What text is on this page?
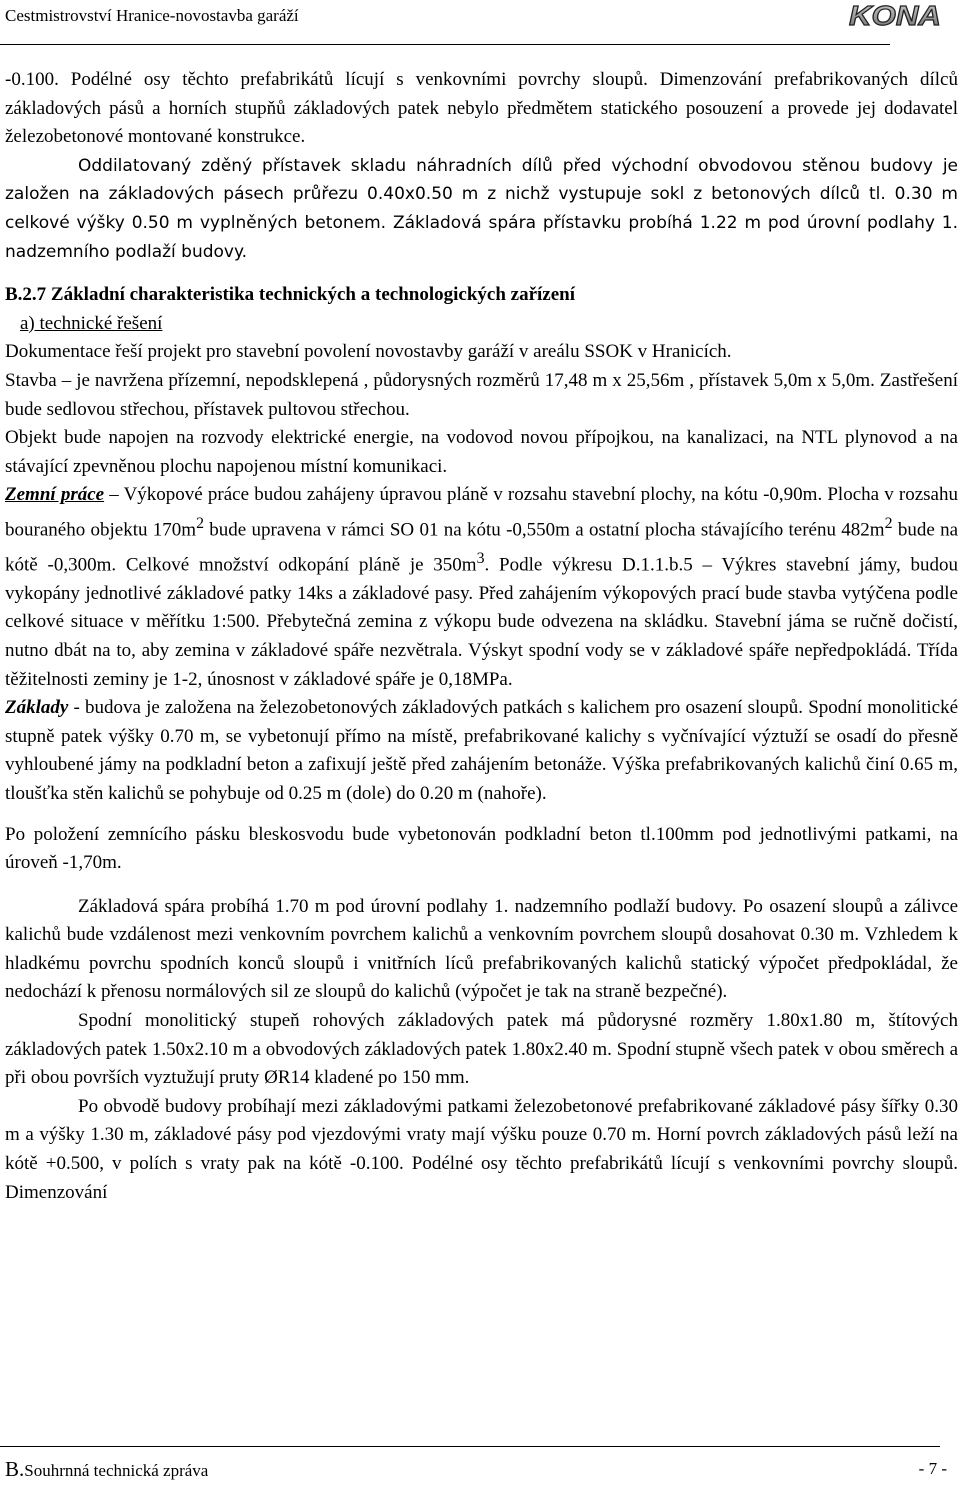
Cestmistrovství Hranice-novostavba garáží	KONA

-0.100. Podélné osy těchto prefabrikátů lícují s venkovními povrchy sloupů. Dimenzování prefabrikovaných dílců základových pásů a horních stupňů základových patek nebylo předmětem statického posouzení a provede jej dodavatel železobetonové montované konstrukce.

Oddilatovaný zděný přístavek skladu náhradních dílů před východní obvodovou stěnou budovy je založen na základových pásech průřezu 0.40x0.50 m z nichž vystupuje sokl z betonových dílců tl. 0.30 m celkové výšky 0.50 m vyplněných betonem. Základová spára přístavku probíhá 1.22 m pod úrovní podlahy 1. nadzemního podlaží budovy.

B.2.7 Základní charakteristika technických a technologických zařízení

a) technické řešení

Dokumentace řeší projekt pro stavební povolení novostavby garáží v areálu SSOK v Hranicích.

Stavba – je navržena přízemní, nepodsklepená , půdorysných rozměrů 17,48 m x 25,56m , přístavek 5,0m x 5,0m. Zastřešení bude sedlovou střechou, přístavek pultovou střechou.

Objekt bude napojen na rozvody elektrické energie, na vodovod novou přípojkou, na kanalizaci, na NTL plynovod a na stávající zpevněnou plochu napojenou místní komunikaci.

Zemní práce – Výkopové práce budou zahájeny úpravou pláně v rozsahu stavební plochy, na kótu -0,90m. Plocha v rozsahu bouraného objektu $170m^2$ bude upravena v rámci SO 01 na kótu -0,550m a ostatní plocha stávajícího terénu $482m^2$ bude na kótě -0,300m. Celkové množství odkopání pláně je $350m^3$. Podle výkresu D.1.1.b.5 – Výkres stavební jámy, budou vykopány jednotlivé základové patky 14ks a základové pasy. Před zahájením výkopových prací bude stavba vytýčena podle celkové situace v měřítku 1:500. Přebytečná zemina z výkopu bude odvezena na skládku. Stavební jáma se ručně dočistí, nutno dbát na to, aby zemina v základové spáře nezvětrala. Výskyt spodní vody se v základové spáře nepředpokládá. Třída těžitelnosti zeminy je 1-2, únosnost v základové spáře je 0,18MPa.

Základy - budova je založena na železobetonových základových patkách s kalichem pro osazení sloupů. Spodní monolitické stupně patek výšky 0.70 m, se vybetonují přímo na místě, prefabrikované kalichy s vyčnívající výztuží se osadí do přesně vyhloubené jámy na podkladní beton a zafixují ještě před zahájením betonáže. Výška prefabrikovaných kalichů činí 0.65 m, tloušťka stěn kalichů se pohybuje od 0.25 m (dole) do 0.20 m (nahoře).

Po položení zemnícího pásku bleskosvodu bude vybetonován podkladní beton tl.100mm pod jednotlivými patkami, na úroveň -1,70m.

Základová spára probíhá 1.70 m pod úrovní podlahy 1. nadzemního podlaží budovy. Po osazení sloupů a zálivce kalichů bude vzdálenost mezi venkovním povrchem kalichů a venkovním povrchem sloupů dosahovat 0.30 m. Vzhledem k hladkému povrchu spodních konců sloupů i vnitřních líců prefabrikovaných kalichů statický výpočet předpokládal, že nedochází k přenosu normálových sil ze sloupů do kalichů (výpočet je tak na straně bezpečné).

Spodní monolitický stupeň rohových základových patek má půdorysné rozměry 1.80x1.80 m, štítových základových patek 1.50x2.10 m a obvodových základových patek 1.80x2.40 m. Spodní stupně všech patek v obou směrech a při obou površích vyztužují pruty ØR14 kladené po 150 mm.

Po obvodě budovy probíhají mezi základovými patkami železobetonové prefabrikované základové pásy šířky 0.30 m a výšky 1.30 m, základové pásy pod vjezdovými vraty mají výšku pouze 0.70 m. Horní povrch základových pásů leží na kótě +0.500, v polích s vraty pak na kótě -0.100. Podélné osy těchto prefabrikátů lícují s venkovními povrchy sloupů. Dimenzování

B.Souhrnná technická zpráva	- 7 -
